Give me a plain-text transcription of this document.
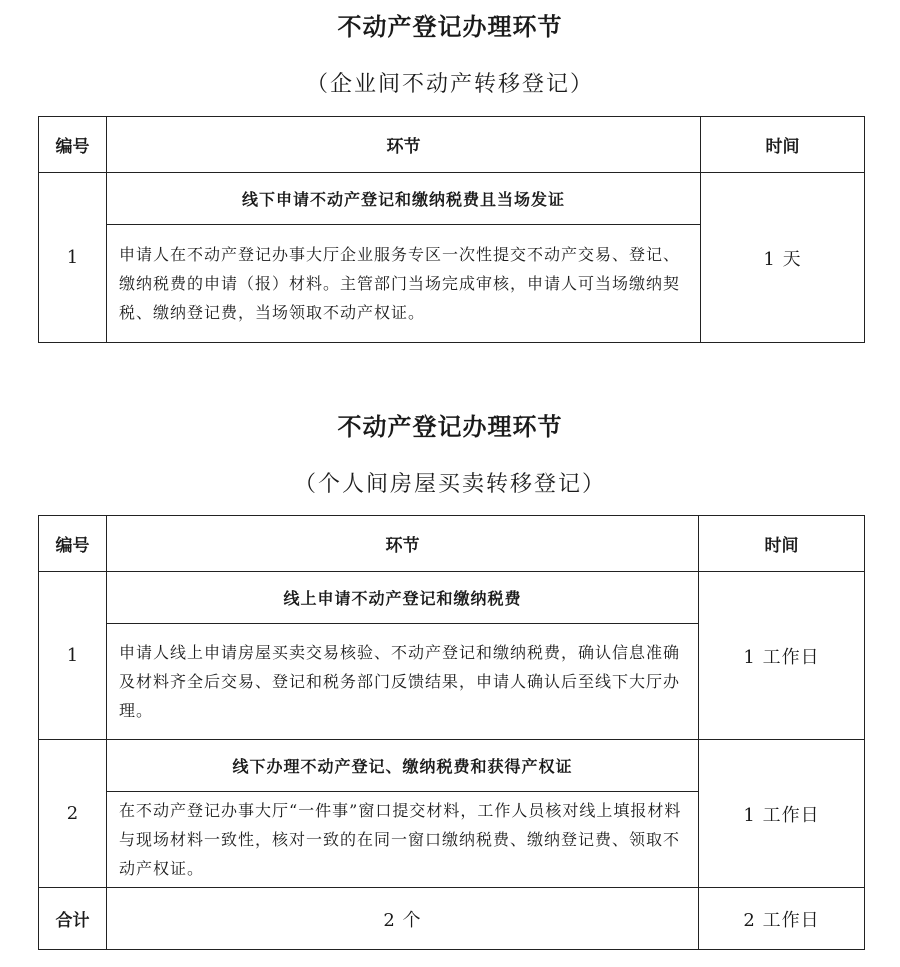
不动产登记办理环节
（企业间不动产转移登记）
编号	环节	时间
1	线下申请不动产登记和缴纳税费且当场发证	1 天
	申请人在不动产登记办事大厅企业服务专区一次性提交不动产交易、登记、缴纳税费的申请（报）材料。主管部门当场完成审核，申请人可当场缴纳契税、缴纳登记费，当场领取不动产权证。	
不动产登记办理环节
（个人间房屋买卖转移登记）
编号	环节	时间
1	线上申请不动产登记和缴纳税费	1 工作日
	申请人线上申请房屋买卖交易核验、不动产登记和缴纳税费，确认信息准确及材料齐全后交易、登记和税务部门反馈结果，申请人确认后至线下大厅办理。	
2	线下办理不动产登记、缴纳税费和获得产权证	1 工作日
	在不动产登记办事大厅“一件事”窗口提交材料，工作人员核对线上填报材料与现场材料一致性，核对一致的在同一窗口缴纳税费、缴纳登记费、领取不动产权证。	
合计	2 个	2 工作日
